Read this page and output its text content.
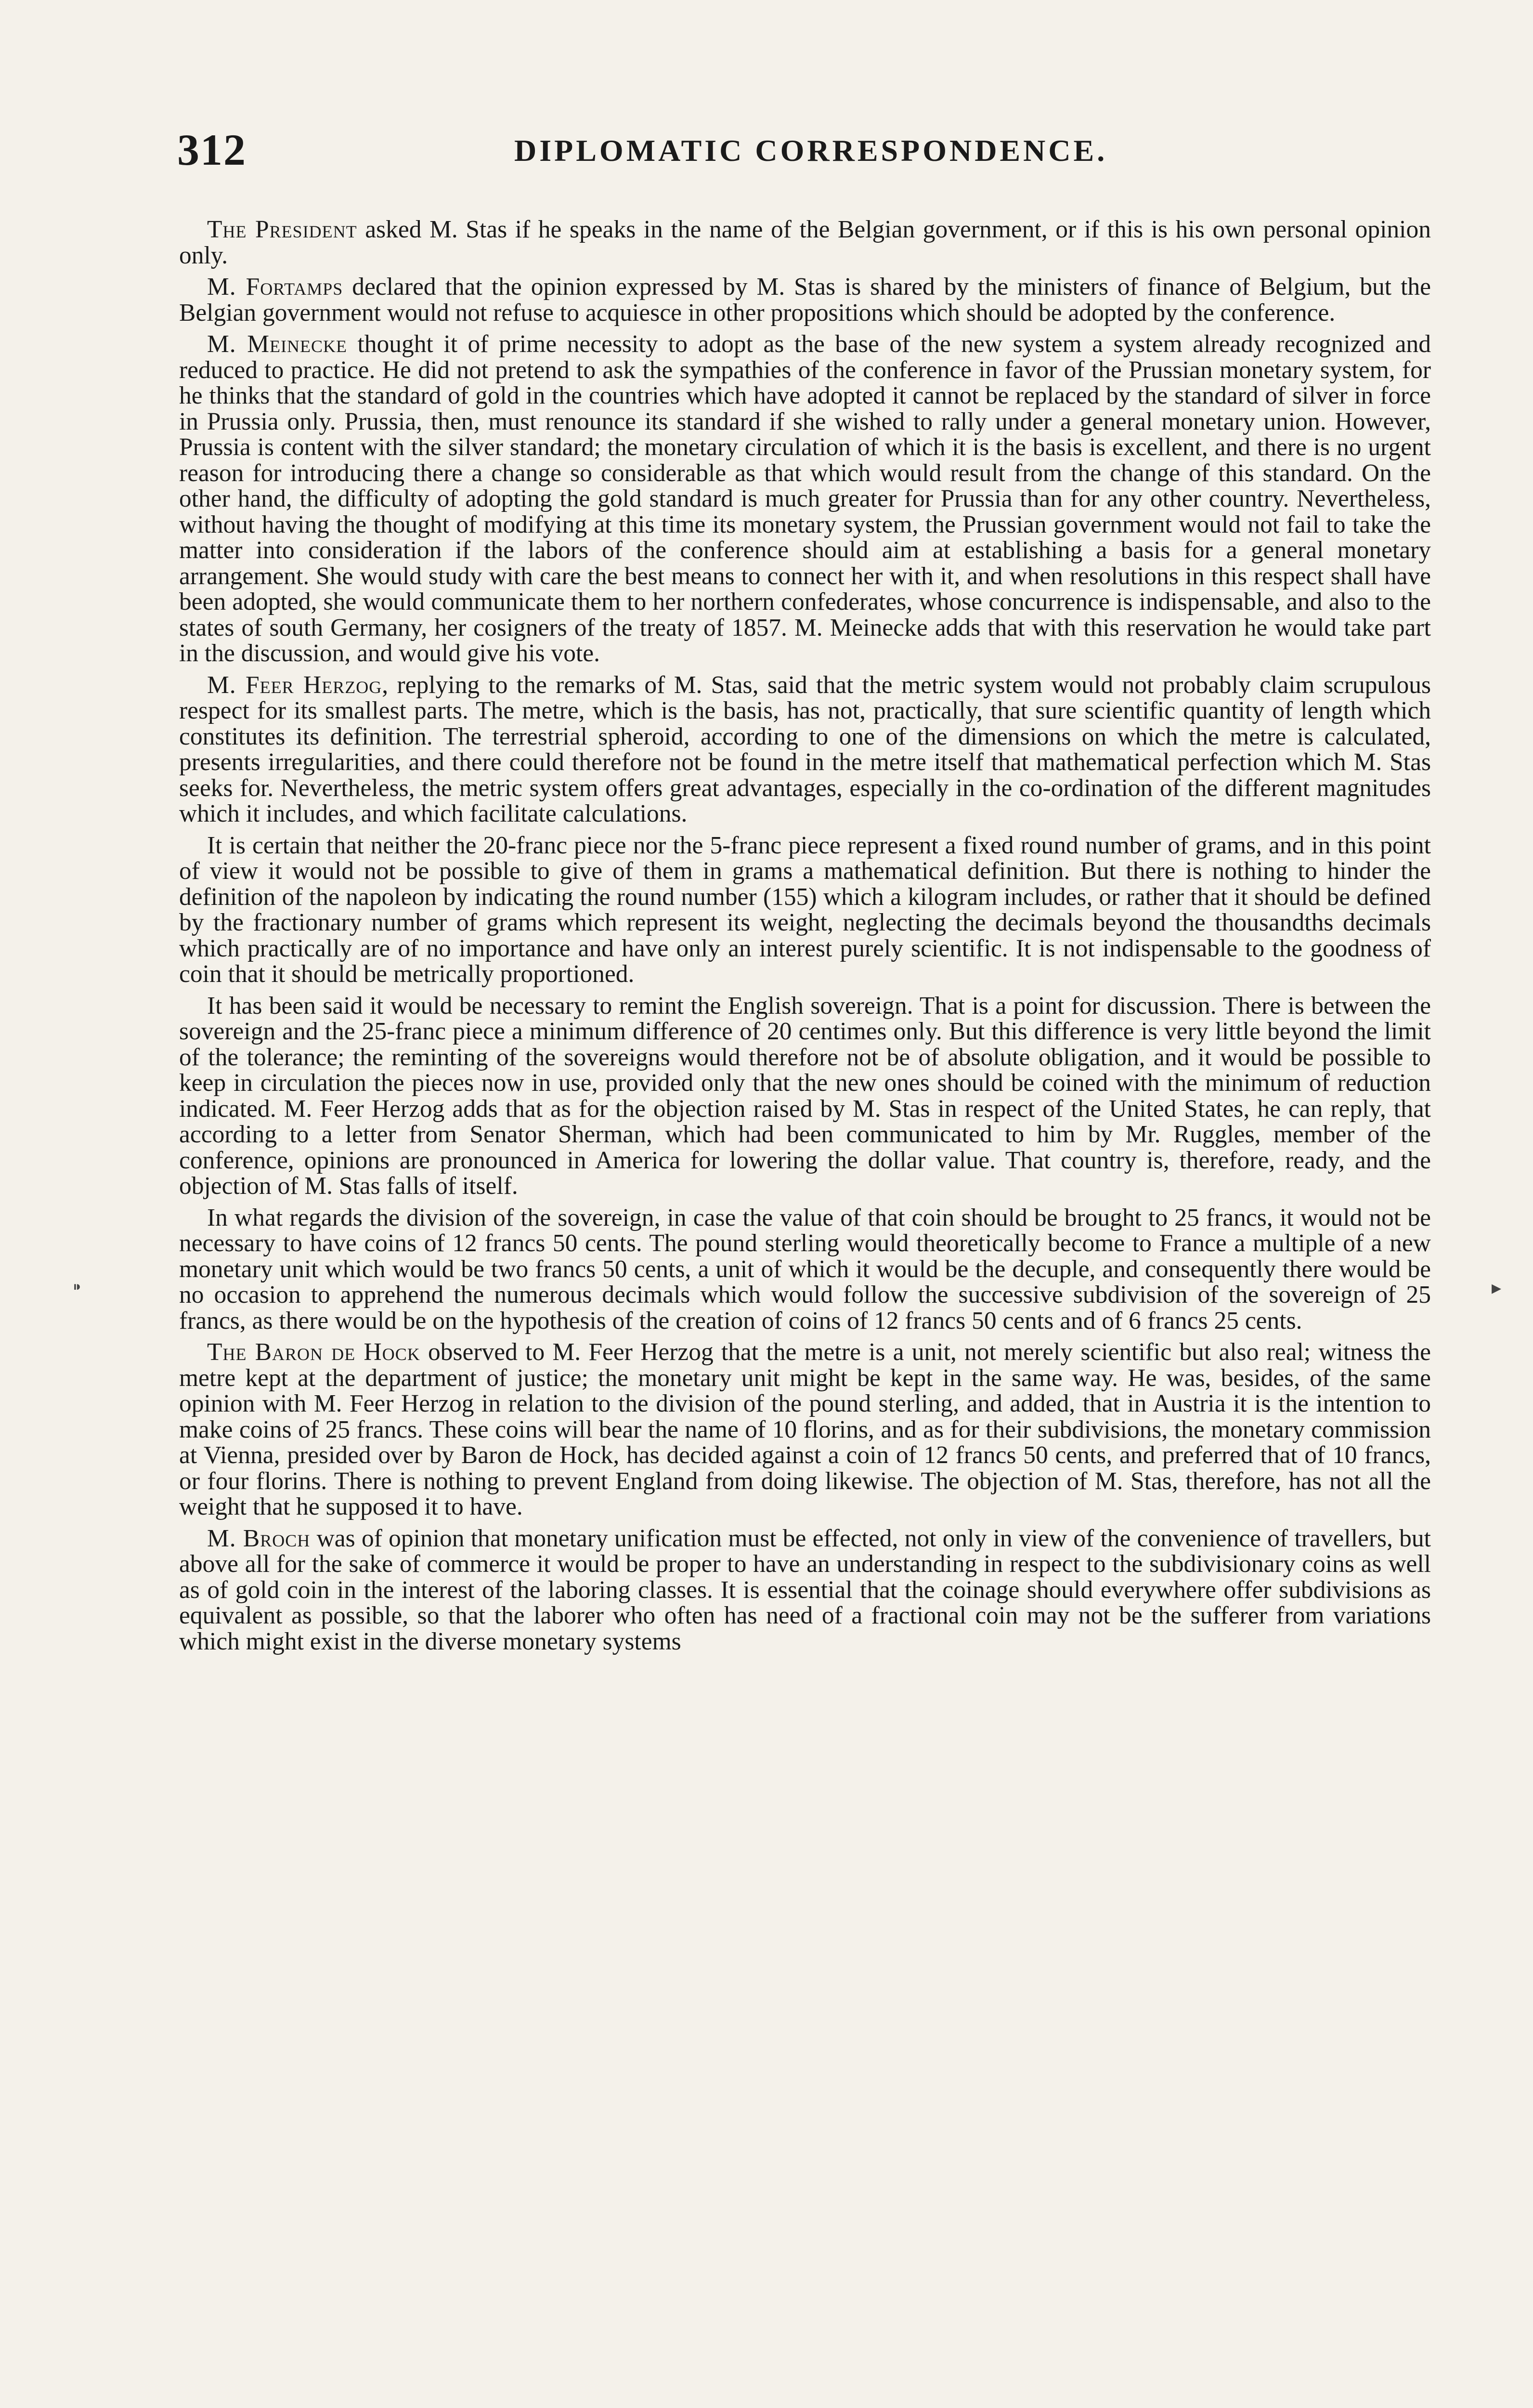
312	DIPLOMATIC CORRESPONDENCE.
⁍	▸

The President asked M. Stas if he speaks in the name of the Belgian government, or if this is his own personal opinion only.

M. Fortamps declared that the opinion expressed by M. Stas is shared by the ministers of finance of Belgium, but the Belgian government would not refuse to acquiesce in other propositions which should be adopted by the conference.

M. Meinecke thought it of prime necessity to adopt as the base of the new system a system already recognized and reduced to practice. He did not pretend to ask the sympathies of the conference in favor of the Prussian monetary system, for he thinks that the standard of gold in the countries which have adopted it cannot be replaced by the standard of silver in force in Prussia only. Prussia, then, must renounce its standard if she wished to rally under a general monetary union. However, Prussia is content with the silver standard; the monetary circulation of which it is the basis is excellent, and there is no urgent reason for introducing there a change so considerable as that which would result from the change of this standard. On the other hand, the difficulty of adopting the gold standard is much greater for Prussia than for any other country. Nevertheless, without having the thought of modifying at this time its monetary system, the Prussian government would not fail to take the matter into consideration if the labors of the conference should aim at establishing a basis for a general monetary arrangement. She would study with care the best means to connect her with it, and when resolutions in this respect shall have been adopted, she would communicate them to her northern confederates, whose concurrence is indispensable, and also to the states of south Germany, her cosigners of the treaty of 1857. M. Meinecke adds that with this reservation he would take part in the discussion, and would give his vote.

M. Feer Herzog, replying to the remarks of M. Stas, said that the metric system would not probably claim scrupulous respect for its smallest parts. The metre, which is the basis, has not, practically, that sure scientific quantity of length which constitutes its definition. The terrestrial spheroid, according to one of the dimensions on which the metre is calculated, presents irregularities, and there could therefore not be found in the metre itself that mathematical perfection which M. Stas seeks for. Nevertheless, the metric system offers great advantages, especially in the co-ordination of the different magnitudes which it includes, and which facilitate calculations.

It is certain that neither the 20-franc piece nor the 5-franc piece represent a fixed round number of grams, and in this point of view it would not be possible to give of them in grams a mathematical definition. But there is nothing to hinder the definition of the napoleon by indicating the round number (155) which a kilogram includes, or rather that it should be defined by the fractionary number of grams which represent its weight, neglecting the decimals beyond the thousandths decimals which practically are of no importance and have only an interest purely scientific. It is not indispensable to the goodness of coin that it should be metrically proportioned.

It has been said it would be necessary to remint the English sovereign. That is a point for discussion. There is between the sovereign and the 25-franc piece a minimum difference of 20 centimes only. But this difference is very little beyond the limit of the tolerance; the reminting of the sovereigns would therefore not be of absolute obligation, and it would be possible to keep in circulation the pieces now in use, provided only that the new ones should be coined with the minimum of reduction indicated. M. Feer Herzog adds that as for the objection raised by M. Stas in respect of the United States, he can reply, that according to a letter from Senator Sherman, which had been communicated to him by Mr. Ruggles, member of the conference, opinions are pronounced in America for lowering the dollar value. That country is, therefore, ready, and the objection of M. Stas falls of itself.

In what regards the division of the sovereign, in case the value of that coin should be brought to 25 francs, it would not be necessary to have coins of 12 francs 50 cents. The pound sterling would theoretically become to France a multiple of a new monetary unit which would be two francs 50 cents, a unit of which it would be the decuple, and consequently there would be no occasion to apprehend the numerous decimals which would follow the successive subdivision of the sovereign of 25 francs, as there would be on the hypothesis of the creation of coins of 12 francs 50 cents and of 6 francs 25 cents.

The Baron de Hock observed to M. Feer Herzog that the metre is a unit, not merely scientific but also real; witness the metre kept at the department of justice; the monetary unit might be kept in the same way. He was, besides, of the same opinion with M. Feer Herzog in relation to the division of the pound sterling, and added, that in Austria it is the intention to make coins of 25 francs. These coins will bear the name of 10 florins, and as for their subdivisions, the monetary commission at Vienna, presided over by Baron de Hock, has decided against a coin of 12 francs 50 cents, and preferred that of 10 francs, or four florins. There is nothing to prevent England from doing likewise. The objection of M. Stas, therefore, has not all the weight that he supposed it to have.

M. Broch was of opinion that monetary unification must be effected, not only in view of the convenience of travellers, but above all for the sake of commerce it would be proper to have an understanding in respect to the subdivisionary coins as well as of gold coin in the interest of the laboring classes. It is essential that the coinage should everywhere offer subdivisions as equivalent as possible, so that the laborer who often has need of a fractional coin may not be the sufferer from variations which might exist in the diverse monetary systems
